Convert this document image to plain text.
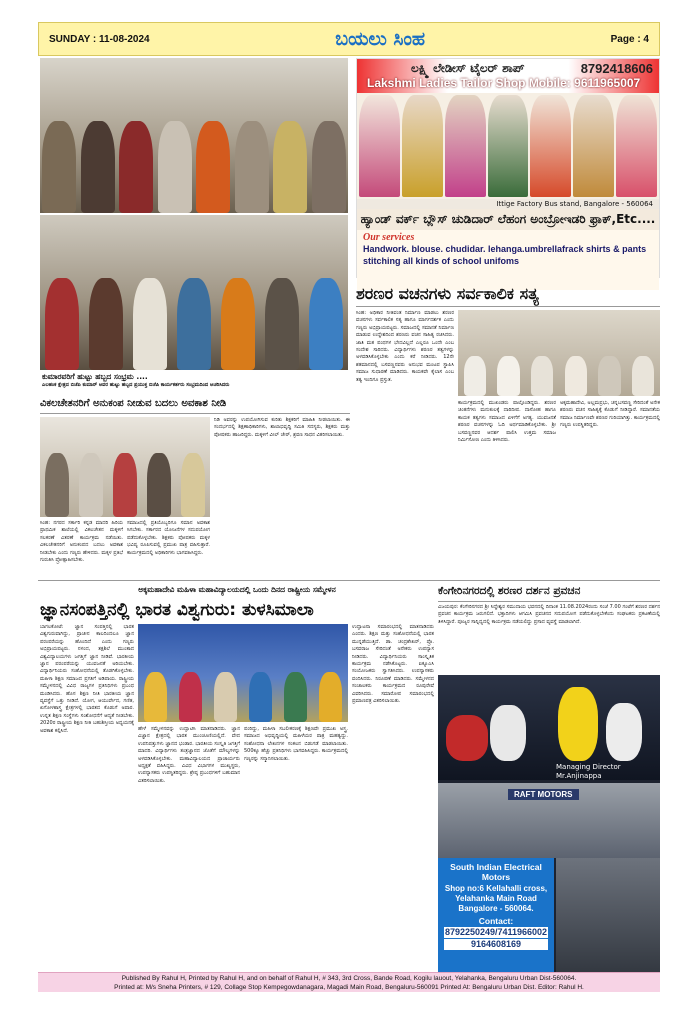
SUNDAY : 11-08-2024	ಬಯಲು ಸಿಂಹ	Page : 4
ಕುಮಾರವರಿಗೆ ಹುಟ್ಟು ಹಬ್ಬದ ಸಂಭ್ರಮ ....
ಎಲಹಂಕ ಕ್ಷೇತ್ರದ ಬಿಜೆಪಿ ಕುಮಾರ್ ಅವರ ಹುಟ್ಟು ಹಬ್ಬದ ಪ್ರಯುಕ್ತ ಬಿಜೆಪಿ ಕಾರ್ಯಕರ್ತರು ಸಂಭ್ರಮದಿಂದ ಆಚರಿಸಿದರು
ಲಕ್ಷ್ಮಿ ಲೇಡೀಸ್ ಟೈಲರ್ ಶಾಪ್	8792418606
Lakshmi Ladies Tailor Shop Mobile: 9611965007
Ittige Factory Bus stand, Bangalore - 560064
ಹ್ಯಾಂಡ್ ವರ್ಕ್ ಬ್ಲೌಸ್ ಚುಡಿದಾರ್ ಲೆಹಂಗ ಅಂಬ್ರೋಇಡರಿ ಫ್ರಾಕ್,Etc....
Our services
Handwork. blouse. chudidar. lehanga.umbrellafrack shirts & pants stitching all kinds of school unifoms
ಶರಣರ ವಚನಗಳು ಸರ್ವಕಾಲಿಕ ಸತ್ಯ
ಸಿಂಹ: ಅಧಿಕಾರ ನೀತಿವಂತ ನಿರ್ಮಾಣ ಮಾಡಲು ಶರಣರ ವಚನಗಳು ಸರ್ವಕಾಲಿಕ ಸತ್ಯ ಹಾಗೂ ಮಾರ್ಗದರ್ಶಕ ಎಂದು ಗಣ್ಯರು ಅಭಿಪ್ರಾಯಪಟ್ಟರು. ಸಮಾಜದಲ್ಲಿ ಸಮಾನತೆ ನಿರ್ಮಾಣ ಮಾಡುವ ಉದ್ದೇಶದಿಂದ ಶರಣರು ವಚನ ಸಾಹಿತ್ಯ ರಚಿಸಿದರು. ಜಾತಿ ಮತ ಪಂಥಗಳ ಭೇದವಿಲ್ಲದೆ ಎಲ್ಲರೂ ಒಂದೇ ಎಂಬ ಸಂದೇಶ ಸಾರಿದರು. ವಿದ್ಯಾರ್ಥಿಗಳು ಶರಣರ ತತ್ವಗಳನ್ನು ಅಳವಡಿಸಿಕೊಳ್ಳಬೇಕು ಎಂದು ಕರೆ ನೀಡಿದರು. 12ನೇ ಶತಮಾನದಲ್ಲಿ ಬಸವಣ್ಣನವರು ಅನುಭವ ಮಂಟಪ ಸ್ಥಾಪಿಸಿ ಸಮಾಜ ಸುಧಾರಣೆ ಮಾಡಿದರು. ಕಾಯಕವೇ ಕೈಲಾಸ ಎಂಬ ತತ್ವ ಇಂದಿಗೂ ಪ್ರಸ್ತುತ.
ಕಾರ್ಯಕ್ರಮದಲ್ಲಿ ಮುಖಂಡರು ಪಾಲ್ಗೊಂಡಿದ್ದರು. ಶರಣರ ಚಿಂತನೆಗಳು ಮನುಕುಲಕ್ಕೆ ದಾರಿದೀಪ. ದಾಸೋಹ ಹಾಗೂ ಕಾಯಕ ತತ್ವಗಳು ಸಮಾಜದ ಏಳಿಗೆಗೆ ಅಗತ್ಯ. ಯುವಜನತೆ ಶರಣರ ವಚನಗಳನ್ನು ಓದಿ ಅರ್ಥಮಾಡಿಕೊಳ್ಳಬೇಕು. ಶ್ರೀ ಬಸವಣ್ಣನವರ ಆದರ್ಶ ಪಾಲಿಸಿ ಉತ್ತಮ ಸಮಾಜ ನಿರ್ಮಿಸೋಣ ಎಂದು ತಿಳಿಸಿದರು.
ಅಕ್ಕಮಹಾದೇವಿ, ಅಲ್ಲಮಪ್ರಭು, ಚನ್ನಬಸವಣ್ಣ ಸೇರಿದಂತೆ ಅನೇಕ ಶರಣರು ವಚನ ಸಾಹಿತ್ಯಕ್ಕೆ ಕೊಡುಗೆ ನೀಡಿದ್ದಾರೆ. ಸಮಾನತೆಯ ಸಮಾಜ ನಿರ್ಮಾಣವೇ ಶರಣರ ಗುರಿಯಾಗಿತ್ತು. ಕಾರ್ಯಕ್ರಮದಲ್ಲಿ ಗಣ್ಯರು ಉಪಸ್ಥಿತರಿದ್ದರು.
ವಿಕಲಚೇತನರಿಗೆ ಅನುಕಂಪ ನೀಡುವ ಬದಲು ಅವಕಾಶ ನೀಡಿ
ನಿಡಿ ಅವರನ್ನು ಉಪಯೋಗಿಸುವ ಕುರಿತು ಶಿಕ್ಷಕರಿಗೆ ಮಾಹಿತಿ ನೀಡಲಾಯಿತು. ಈ ಸಂದರ್ಭದಲ್ಲಿ ಶಿಕ್ಷಣಾಧಿಕಾರಿಗಳು, ಶಾಲಾಭಿವೃದ್ಧಿ ಸಮಿತಿ ಸದಸ್ಯರು, ಶಿಕ್ಷಕರು ಮತ್ತು ಪೋಷಕರು ಹಾಜರಿದ್ದರು. ಮಕ್ಕಳಿಗೆ ವೀಲ್ ಚೇರ್, ಶ್ರವಣ ಸಾಧನ ವಿತರಿಸಲಾಯಿತು.
ಸಿಂಹ: ನಗರದ ಸರ್ಕಾರಿ ಕನ್ನಡ ಮಾದರಿ ಹಿರಿಯ ಪ್ರಾಥಮಿಕ ಶಾಲೆಯಲ್ಲಿ ವಿಕಲಚೇತನ ಮಕ್ಕಳಿಗೆ ಸಲಕರಣೆ ವಿತರಣೆ ಕಾರ್ಯಕ್ರಮ ನಡೆಯಿತು. ವಿಕಲಚೇತನರಿಗೆ ಅನುಕಂಪದ ಬದಲು ಅವಕಾಶ ನೀಡಬೇಕು ಎಂದು ಗಣ್ಯರು ಹೇಳಿದರು. ಮಕ್ಕಳ ಪ್ರತಿಭೆ ಗುರುತಿಸಿ ಪ್ರೋತ್ಸಾಹಿಸಬೇಕು.
ಸಮಾಜದಲ್ಲಿ ಪ್ರತಿಯೊಬ್ಬರಿಗೂ ಸಮಾನ ಅವಕಾಶ ಸಿಗಬೇಕು. ಸರ್ಕಾರದ ಯೋಜನೆಗಳ ಸದುಪಯೋಗ ಪಡೆದುಕೊಳ್ಳಬೇಕು. ಶಿಕ್ಷಕರು ಪೋಷಕರು ಮಕ್ಕಳ ಭವಿಷ್ಯ ರೂಪಿಸುವಲ್ಲಿ ಪ್ರಮುಖ ಪಾತ್ರ ವಹಿಸುತ್ತಾರೆ. ಕಾರ್ಯಕ್ರಮದಲ್ಲಿ ಅಧಿಕಾರಿಗಳು ಭಾಗವಹಿಸಿದ್ದರು.
ಅಕ್ಕಮಹಾದೇವಿ ಮಹಿಳಾ ಮಹಾವಿದ್ಯಾಲಯದಲ್ಲಿ ಒಂದು ದಿನದ ರಾಷ್ಟ್ರೀಯ ಸಮ್ಮೇಳನ
ಜ್ಞಾನಸಂಪತ್ತಿನಲ್ಲಿ ಭಾರತ ವಿಶ್ವಗುರು: ತುಳಸಿಮಾಲಾ
ಬಾಗಲಕೋಟೆ: ಜ್ಞಾನ ಸಂಪತ್ತಿನಲ್ಲಿ ಭಾರತ ವಿಶ್ವಗುರುವಾಗಿದ್ದು, ಪ್ರಾಚೀನ ಕಾಲದಿಂದಲೂ ಜ್ಞಾನ ಪರಂಪರೆಯನ್ನು ಹೊಂದಿದೆ ಎಂದು ಗಣ್ಯರು ಅಭಿಪ್ರಾಯಪಟ್ಟರು. ನಳಂದ, ತಕ್ಷಶಿಲೆ ಮುಂತಾದ ವಿಶ್ವವಿದ್ಯಾಲಯಗಳು ಜಗತ್ತಿಗೆ ಜ್ಞಾನ ನೀಡಿವೆ. ಭಾರತೀಯ ಜ್ಞಾನ ಪರಂಪರೆಯನ್ನು ಯುವಜನತೆ ಅರಿಯಬೇಕು. ವಿದ್ಯಾರ್ಥಿನಿಯರು ಸಂಶೋಧನೆಯಲ್ಲಿ ತೊಡಗಿಕೊಳ್ಳಬೇಕು. ಮಹಿಳಾ ಶಿಕ್ಷಣ ಸಮಾಜದ ಪ್ರಗತಿಗೆ ಅಡಿಪಾಯ. ರಾಷ್ಟ್ರೀಯ ಸಮ್ಮೇಳನದಲ್ಲಿ ವಿವಿಧ ರಾಜ್ಯಗಳ ಪ್ರತಿನಿಧಿಗಳು ಪ್ರಬಂಧ ಮಂಡಿಸಿದರು. ಹೊಸ ಶಿಕ್ಷಣ ನೀತಿ ಭಾರತೀಯ ಜ್ಞಾನ ವ್ಯವಸ್ಥೆಗೆ ಒತ್ತು ನೀಡಿದೆ. ಯೋಗ, ಆಯುರ್ವೇದ, ಗಣಿತ, ಖಗೋಳಶಾಸ್ತ್ರ ಕ್ಷೇತ್ರಗಳಲ್ಲಿ ಭಾರತದ ಕೊಡುಗೆ ಅಪಾರ. ಉನ್ನತ ಶಿಕ್ಷಣ ಸಂಸ್ಥೆಗಳು ಸಂಶೋಧನೆಗೆ ಆದ್ಯತೆ ನೀಡಬೇಕು. 2020ರ ರಾಷ್ಟ್ರೀಯ ಶಿಕ್ಷಣ ನೀತಿ ಬಹುಶಿಸ್ತೀಯ ಅಧ್ಯಯನಕ್ಕೆ ಅವಕಾಶ ಕಲ್ಪಿಸಿದೆ.	ಹೇಳೆ ಸಮ್ಮೇಳನವನ್ನು ಉದ್ಘಾಟಿಸಿ ಮಾತನಾಡಿದರು. ಜ್ಞಾನ ವಿಜ್ಞಾನ ಕ್ಷೇತ್ರದಲ್ಲಿ ಭಾರತ ಮುಂಚೂಣಿಯಲ್ಲಿದೆ. ವೇದ ಉಪನಿಷತ್ತುಗಳು ಜ್ಞಾನದ ಭಂಡಾರ. ಭಾರತೀಯ ಸಂಸ್ಕೃತಿ ಜಗತ್ತಿಗೆ ಮಾದರಿ. ವಿದ್ಯಾರ್ಥಿಗಳು ತಂತ್ರಜ್ಞಾನದ ಜೊತೆಗೆ ಮೌಲ್ಯಗಳನ್ನು ಅಳವಡಿಸಿಕೊಳ್ಳಬೇಕು. ಮಹಾವಿದ್ಯಾಲಯದ ಪ್ರಾಚಾರ್ಯರು ಅಧ್ಯಕ್ಷತೆ ವಹಿಸಿದ್ದರು. ವಿವಿಧ ವಿಭಾಗಗಳ ಮುಖ್ಯಸ್ಥರು, ಉಪನ್ಯಾಸಕರು ಉಪಸ್ಥಿತರಿದ್ದರು. ಶ್ರೇಷ್ಠ ಪ್ರಬಂಧಗಳಿಗೆ ಬಹುಮಾನ ವಿತರಿಸಲಾಯಿತು.
ಪಂರಿದ್ದು, ಮಹಿಳಾ ಸಬಲೀಕರಣಕ್ಕೆ ಶಿಕ್ಷಣವೇ ಪ್ರಮುಖ ಅಸ್ತ್ರ. ಸಮಾಜದ ಅಭಿವೃದ್ಧಿಯಲ್ಲಿ ಮಹಿಳೆಯರ ಪಾತ್ರ ಮಹತ್ವದ್ದು. ಸಂಶೋಧನಾ ಲೇಖನಗಳ ಸಂಕಲನ ಬಿಡುಗಡೆ ಮಾಡಲಾಯಿತು. 500ಕ್ಕೂ ಹೆಚ್ಚು ಪ್ರತಿನಿಧಿಗಳು ಭಾಗವಹಿಸಿದ್ದರು. ಕಾರ್ಯಕ್ರಮದಲ್ಲಿ ಗಣ್ಯರನ್ನು ಸನ್ಮಾನಿಸಲಾಯಿತು.
ಉದ್ಘಾಟನಾ ಸಮಾರಂಭದಲ್ಲಿ ಮಾತನಾಡಿದರು ಎಂದರು. ಶಿಕ್ಷಣ ಮತ್ತು ಸಂಶೋಧನೆಯಲ್ಲಿ ಭಾರತ ಮುನ್ನಡೆಯುತ್ತಿದೆ. ಡಾ. ಚಂದ್ರಶೇಖರ್, ಪ್ರೊ. ಬಸವರಾಜ ಸೇರಿದಂತೆ ಅನೇಕರು ಉಪನ್ಯಾಸ ನೀಡಿದರು. ವಿದ್ಯಾರ್ಥಿನಿಯರು ಸಾಂಸ್ಕೃತಿಕ ಕಾರ್ಯಕ್ರಮ ನಡೆಸಿಕೊಟ್ಟರು. ಐಕ್ಯೂಎಸಿ ಸಂಯೋಜಕರು ಸ್ವಾಗತಿಸಿದರು. ಉಪನ್ಯಾಸಕರು ವಂದಿಸಿದರು. ನಿರೂಪಣೆ ಮಾಡಿದರು. ಸಮ್ಮೇಳನದ ಸಂಚಾಲಕರು ಕಾರ್ಯಕ್ರಮದ ರೂಪುರೇಷೆ ವಿವರಿಸಿದರು. ಸಮಾರೋಪ ಸಮಾರಂಭದಲ್ಲಿ ಪ್ರಮಾಣಪತ್ರ ವಿತರಿಸಲಾಯಿತು.
ಕೆಂಗೇರಿನಗರದಲ್ಲಿ ಶರಣರ ದರ್ಶನ ಪ್ರವಚನ
ವಿಜಯಪುರ: ಕೆಂಗೇರಿನಗರದ ಶ್ರೀ ಸಿದ್ಧೇಶ್ವರ ಸಮುದಾಯ ಭವನದಲ್ಲಿ ದಿನಾಂಕ 11.08.2024ರಂದು ಸಂಜೆ 7.00 ಗಂಟೆಗೆ ಶರಣರ ದರ್ಶನ ಪ್ರವಚನ ಕಾರ್ಯಕ್ರಮ ಜರುಗಲಿದೆ. ಭಕ್ತಾದಿಗಳು ಆಗಮಿಸಿ ಪ್ರವಚನದ ಸದುಪಯೋಗ ಪಡೆದುಕೊಳ್ಳಬೇಕೆಂದು ಸಂಘಟಕರು ಪ್ರಕಟಣೆಯಲ್ಲಿ ತಿಳಿಸಿದ್ದಾರೆ. ಪೂಜ್ಯರ ಸಾನ್ನಿಧ್ಯದಲ್ಲಿ ಕಾರ್ಯಕ್ರಮ ನಡೆಯಲಿದ್ದು ಪ್ರಸಾದ ವ್ಯವಸ್ಥೆ ಮಾಡಲಾಗಿದೆ.
Managing Director
Mr.Anjinappa
RAFT MOTORS
South Indian Electrical Motors
Shop no:6 Kellahalli cross, Yelahanka Main Road Bangalore - 560064.
Contact:
8792250249/7411966002
9164608169
Published By Rahul H, Printed by Rahul H, and on behalf of Rahul H, # 343, 3rd Cross, Bande Road, Kogilu lauout, Yelahanka, Bengaluru Urban Dist-560064.
Printed at: M/s Sneha Printers, # 129, Collage Stop Kempegowdanagara, Magadi Main Road, Bengaluru-560091 Printed At: Bengaluru Urban Dist. Editor: Rahul H.
